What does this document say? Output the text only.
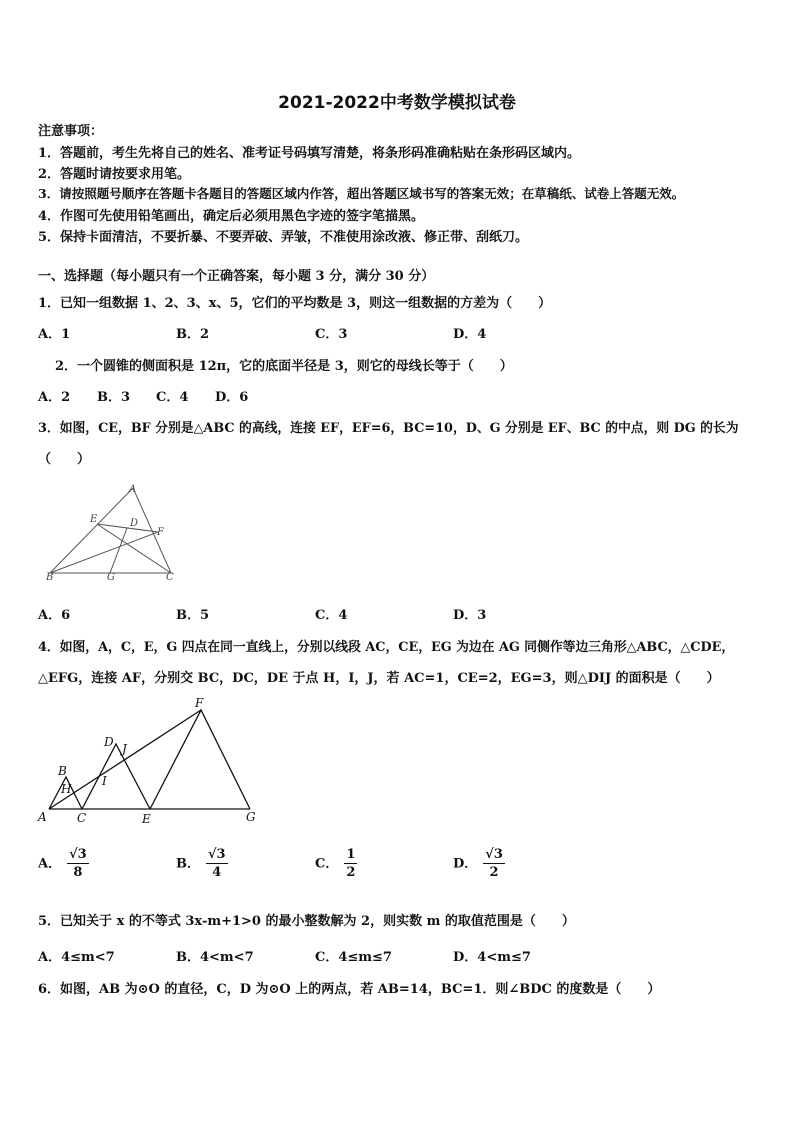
2021-2022中考数学模拟试卷
注意事项：
1．答题前，考生先将自己的姓名、准考证号码填写清楚，将条形码准确粘贴在条形码区域内。
2．答题时请按要求用笔。
3．请按照题号顺序在答题卡各题目的答题区域内作答，超出答题区域书写的答案无效；在草稿纸、试卷上答题无效。
4．作图可先使用铅笔画出，确定后必须用黑色字迹的签字笔描黑。
5．保持卡面清洁，不要折暴、不要弄破、弄皱，不准使用涂改液、修正带、刮纸刀。
一、选择题（每小题只有一个正确答案，每小题 3 分，满分 30 分）
1．已知一组数据 1、2、3、x、5，它们的平均数是 3，则这一组数据的方差为（　　）
A．1	B．2	C．3	D．4
2．一个圆锥的侧面积是 12π，它的底面半径是 3，则它的母线长等于（　　）
A．2 B．3 C．4 D．6
3．如图，CE，BF 分别是△ABC 的高线，连接 EF，EF=6，BC=10，D、G 分别是 EF、BC 的中点，则 DG 的长为
（　　）
A
E	D
F
B	G	C
A．6	B．5	C．4	D．3
4．如图，A，C，E，G 四点在同一直线上，分别以线段 AC，CE，EG 为边在 AG 同侧作等边三角形△ABC，△CDE，
△EFG，连接 AF，分别交 BC，DC，DE 于点 H，I，J，若 AC=1，CE=2，EG=3，则△DIJ 的面积是（　　）
B
H
A	C
D J
I
E
F
G
A． $\frac{√3}{8}$	B． $\frac{√3}{4}$	C． $\frac{1}{2}$	D． $\frac{√3}{2}$
5．已知关于 x 的不等式 3x-m+1>0 的最小整数解为 2，则实数 m 的取值范围是（　　）
A．4≤m<7	B．4<m<7	C．4≤m≤7	D．4<m≤7
6．如图，AB 为⊙O 的直径，C，D 为⊙O 上的两点，若 AB=14，BC=1．则∠BDC 的度数是（　　）
